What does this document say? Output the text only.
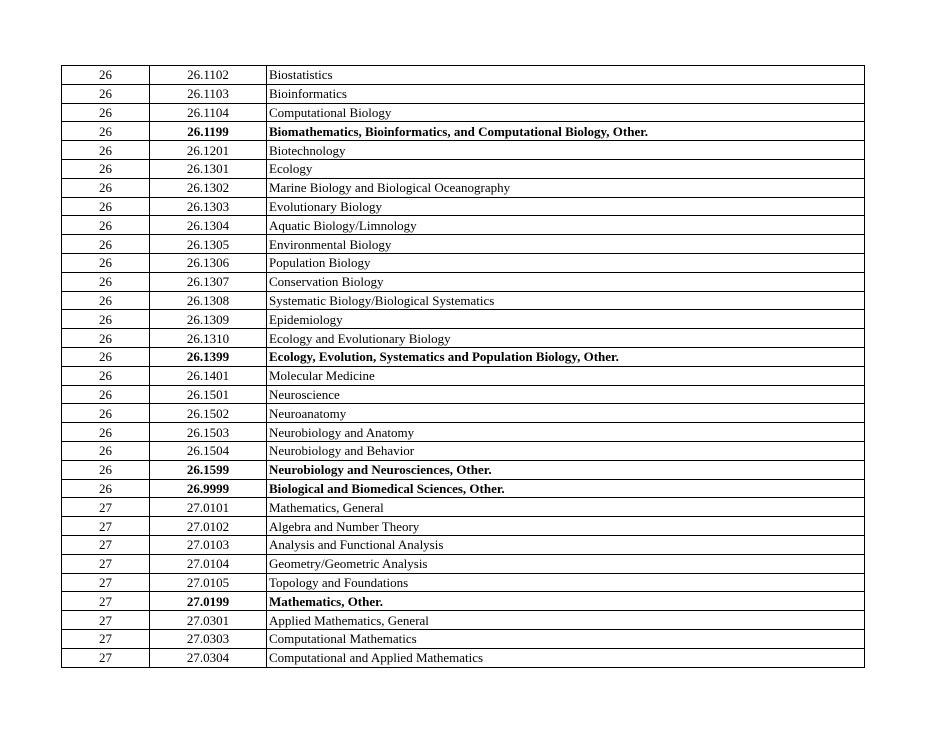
26	26.1102	Biostatistics
26	26.1103	Bioinformatics
26	26.1104	Computational Biology
26	26.1199	Biomathematics, Bioinformatics, and Computational Biology, Other.
26	26.1201	Biotechnology
26	26.1301	Ecology
26	26.1302	Marine Biology and Biological Oceanography
26	26.1303	Evolutionary Biology
26	26.1304	Aquatic Biology/Limnology
26	26.1305	Environmental Biology
26	26.1306	Population Biology
26	26.1307	Conservation Biology
26	26.1308	Systematic Biology/Biological Systematics
26	26.1309	Epidemiology
26	26.1310	Ecology and Evolutionary Biology
26	26.1399	Ecology, Evolution, Systematics and Population Biology, Other.
26	26.1401	Molecular Medicine
26	26.1501	Neuroscience
26	26.1502	Neuroanatomy
26	26.1503	Neurobiology and Anatomy
26	26.1504	Neurobiology and Behavior
26	26.1599	Neurobiology and Neurosciences, Other.
26	26.9999	Biological and Biomedical Sciences, Other.
27	27.0101	Mathematics, General
27	27.0102	Algebra and Number Theory
27	27.0103	Analysis and Functional Analysis
27	27.0104	Geometry/Geometric Analysis
27	27.0105	Topology and Foundations
27	27.0199	Mathematics, Other.
27	27.0301	Applied Mathematics, General
27	27.0303	Computational Mathematics
27	27.0304	Computational and Applied Mathematics
